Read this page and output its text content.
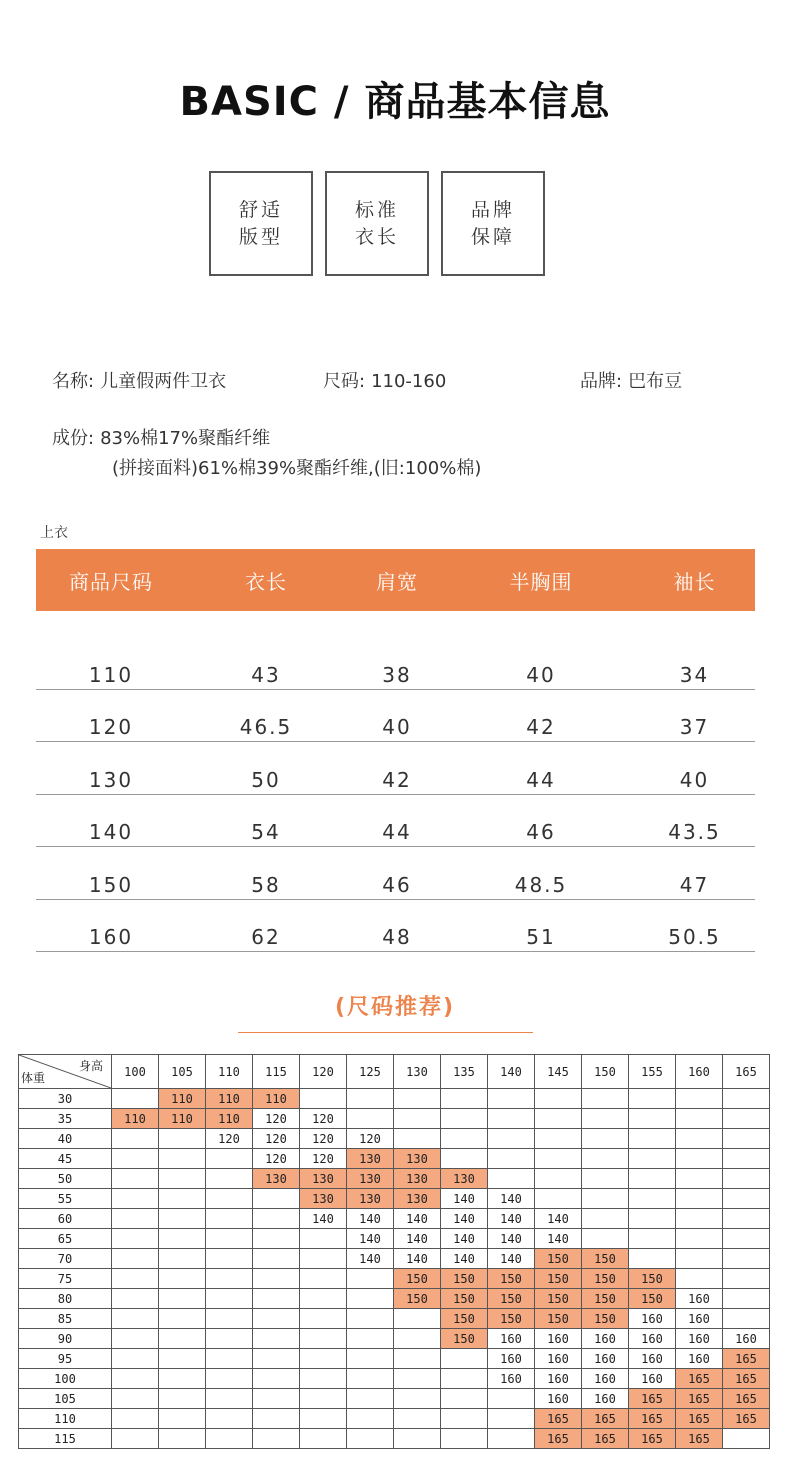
BASIC / 商品基本信息
舒适
版型
标准
衣长
品牌
保障
名称: 儿童假两件卫衣	尺码: 110-160	品牌: 巴布豆
成份: 83%棉17%聚酯纤维
(拼接面料)61%棉39%聚酯纤维,(旧:100%棉)
上衣
商品尺码	衣长	肩宽	半胸围	袖长
110	43	38	40	34
120	46.5	40	42	37
130	50	42	44	40
140	54	44	46	43.5
150	58	46	48.5	47
160	62	48	51	50.5
(尺码推荐)
身高
体重	100	105	110	115	120	125	130	135	140	145	150	155	160	165
30		110	110	110										
35	110	110	110	120	120									
40			120	120	120	120								
45				120	120	130	130							
50				130	130	130	130	130						
55					130	130	130	140	140					
60					140	140	140	140	140	140				
65						140	140	140	140	140				
70						140	140	140	140	150	150			
75							150	150	150	150	150	150		
80							150	150	150	150	150	150	160	
85								150	150	150	150	160	160	
90								150	160	160	160	160	160	160
95									160	160	160	160	160	165
100									160	160	160	160	165	165
105										160	160	165	165	165
110										165	165	165	165	165
115										165	165	165	165	
